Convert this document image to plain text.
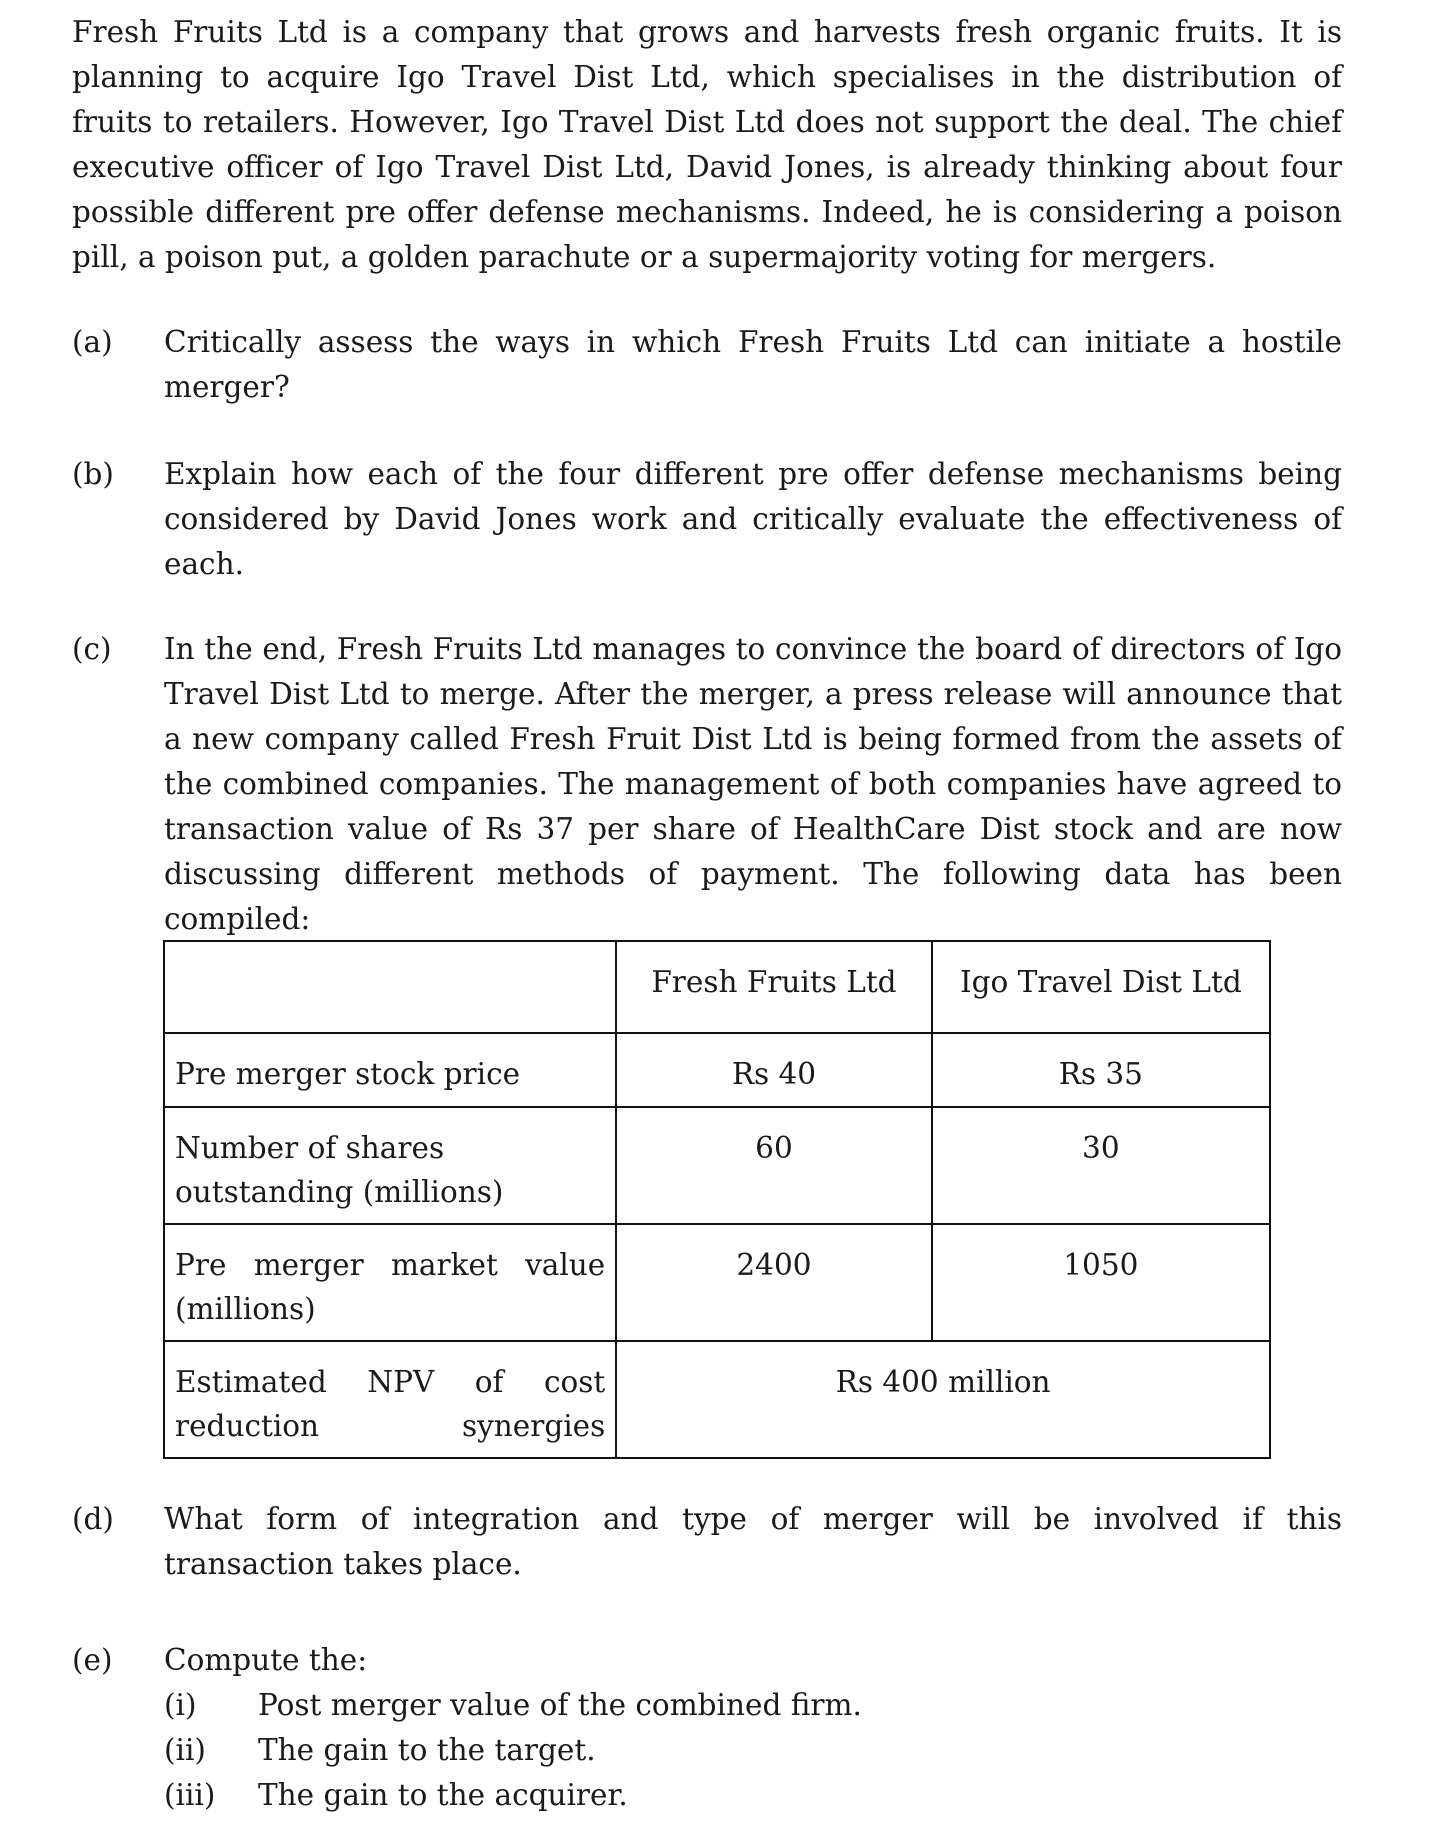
Fresh Fruits Ltd is a company that grows and harvests fresh organic fruits. It is planning to acquire Igo Travel Dist Ltd, which specialises in the distribution of fruits to retailers. However, Igo Travel Dist Ltd does not support the deal. The chief executive officer of Igo Travel Dist Ltd, David Jones, is already thinking about four possible different pre offer defense mechanisms. Indeed, he is considering a poison pill, a poison put, a golden parachute or a supermajority voting for mergers.

(a)	Critically assess the ways in which Fresh Fruits Ltd can initiate a hostile merger?

(b)	Explain how each of the four different pre offer defense mechanisms being considered by David Jones work and critically evaluate the effectiveness of each.

(c)	In the end, Fresh Fruits Ltd manages to convince the board of directors of Igo Travel Dist Ltd to merge. After the merger, a press release will announce that a new company called Fresh Fruit Dist Ltd is being formed from the assets of the combined companies. The management of both companies have agreed to transaction value of Rs 37 per share of HealthCare Dist stock and are now discussing different methods of payment. The following data has been compiled:

	Fresh Fruits Ltd	Igo Travel Dist Ltd
Pre merger stock price	Rs 40	Rs 35
Number of shares outstanding (millions)	60	30
Pre merger market value (millions)	2400	1050
Estimated NPV of cost reduction synergies	Rs 400 million	
(d)	What form of integration and type of merger will be involved if this transaction takes place.

(e)	Compute the:

(i)	Post merger value of the combined firm.
(ii)	The gain to the target.
(iii)	The gain to the acquirer.
